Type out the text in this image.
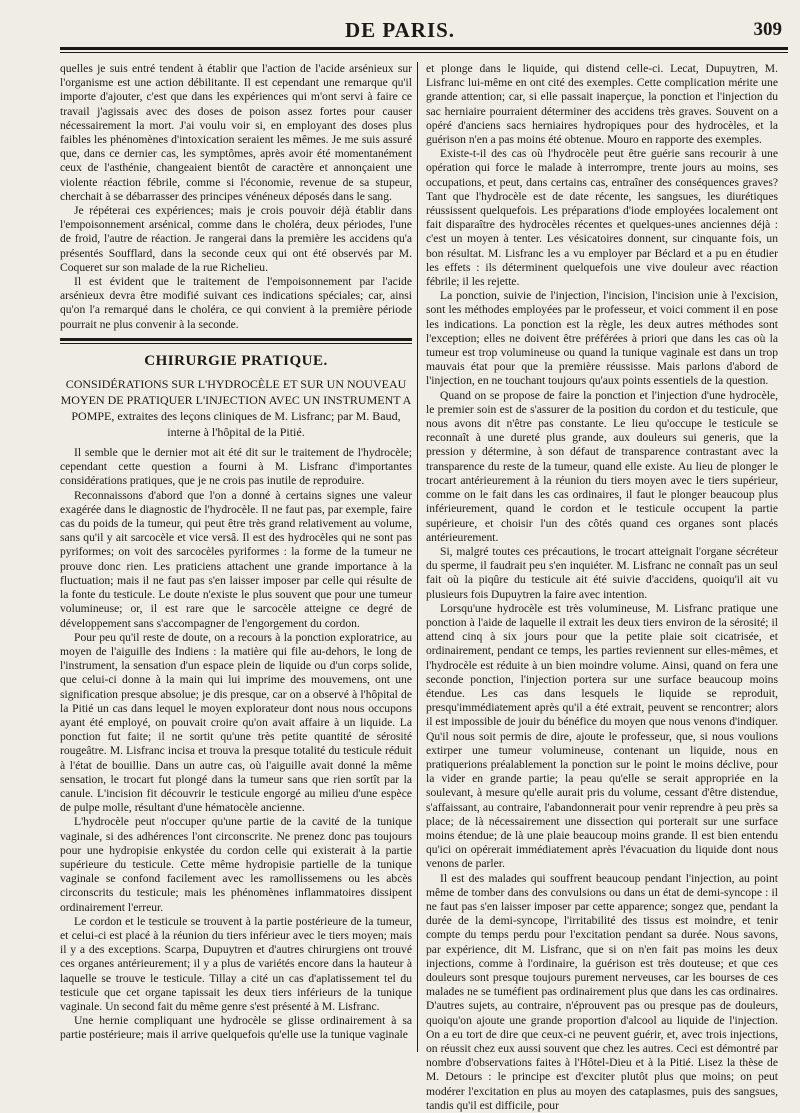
DE PARIS.	309

quelles je suis entré tendent à établir que l'action de l'acide arsénieux sur l'organisme est une action débilitante. Il est cependant une remarque qu'il importe d'ajouter, c'est que dans les expériences qui m'ont servi à faire ce travail j'agissais avec des doses de poison assez fortes pour causer nécessairement la mort. J'ai voulu voir si, en employant des doses plus faibles les phénomènes d'intoxication seraient les mêmes. Je me suis assuré que, dans ce dernier cas, les symptômes, après avoir été momentanément ceux de l'asthénie, changeaient bientôt de caractère et annonçaient une violente réaction fébrile, comme si l'économie, revenue de sa stupeur, cherchait à se débarrasser des principes vénéneux déposés dans le sang.

Je répéterai ces expériences; mais je crois pouvoir déjà établir dans l'empoisonnement arsénical, comme dans le choléra, deux périodes, l'une de froid, l'autre de réaction. Je rangerai dans la première les accidens qu'a présentés Soufflard, dans la seconde ceux qui ont été observés par M. Coqueret sur son malade de la rue Richelieu.

Il est évident que le traitement de l'empoisonnement par l'acide arsénieux devra être modifié suivant ces indications spéciales; car, ainsi qu'on l'a remarqué dans le choléra, ce qui convient à la première période pourrait ne plus convenir à la seconde.

CHIRURGIE PRATIQUE.
CONSIDÉRATIONS SUR L'HYDROCÈLE ET SUR UN NOUVEAU MOYEN DE PRATIQUER L'INJECTION AVEC UN INSTRUMENT A POMPE, extraites des leçons cliniques de M. Lisfranc; par M. Baud, interne à l'hôpital de la Pitié.

Il semble que le dernier mot ait été dit sur le traitement de l'hydrocèle; cependant cette question a fourni à M. Lisfranc d'importantes considérations pratiques, que je ne crois pas inutile de reproduire.

Reconnaissons d'abord que l'on a donné à certains signes une valeur exagérée dans le diagnostic de l'hydrocèle. Il ne faut pas, par exemple, faire cas du poids de la tumeur, qui peut être très grand relativement au volume, sans qu'il y ait sarcocèle et vice versâ. Il est des hydrocèles qui ne sont pas pyriformes; on voit des sarcocèles pyriformes : la forme de la tumeur ne prouve donc rien. Les praticiens attachent une grande importance à la fluctuation; mais il ne faut pas s'en laisser imposer par celle qui résulte de la fonte du testicule. Le doute n'existe le plus souvent que pour une tumeur volumineuse; or, il est rare que le sarcocèle atteigne ce degré de développement sans s'accompagner de l'engorgement du cordon.

Pour peu qu'il reste de doute, on a recours à la ponction exploratrice, au moyen de l'aiguille des Indiens : la matière qui file au-dehors, le long de l'instrument, la sensation d'un espace plein de liquide ou d'un corps solide, que celui-ci donne à la main qui lui imprime des mouvemens, ont une signification presque absolue; je dis presque, car on a observé à l'hôpital de la Pitié un cas dans lequel le moyen explorateur dont nous nous occupons ayant été employé, on pouvait croire qu'on avait affaire à un liquide. La ponction fut faite; il ne sortit qu'une très petite quantité de sérosité rougeâtre. M. Lisfranc incisa et trouva la presque totalité du testicule réduit à l'état de bouillie. Dans un autre cas, où l'aiguille avait donné la même sensation, le trocart fut plongé dans la tumeur sans que rien sortît par la canule. L'incision fit découvrir le testicule engorgé au milieu d'une espèce de pulpe molle, résultant d'une hématocèle ancienne.

L'hydrocèle peut n'occuper qu'une partie de la cavité de la tunique vaginale, si des adhérences l'ont circonscrite. Ne prenez donc pas toujours pour une hydropisie enkystée du cordon celle qui existerait à la partie supérieure du testicule. Cette même hydropisie partielle de la tunique vaginale se confond facilement avec les ramollissemens ou les abcès circonscrits du testicule; mais les phénomènes inflammatoires dissipent ordinairement l'erreur.

Le cordon et le testicule se trouvent à la partie postérieure de la tumeur, et celui-ci est placé à la réunion du tiers inférieur avec le tiers moyen; mais il y a des exceptions. Scarpa, Dupuytren et d'autres chirurgiens ont trouvé ces organes antérieurement; il y a plus de variétés encore dans la hauteur à laquelle se trouve le testicule. Tillay a cité un cas d'aplatissement tel du testicule que cet organe tapissait les deux tiers inférieurs de la tunique vaginale. Un second fait du même genre s'est présenté à M. Lisfranc.

Une hernie compliquant une hydrocèle se glisse ordinairement à sa partie postérieure; mais il arrive quelquefois qu'elle use la tunique vaginale

et plonge dans le liquide, qui distend celle-ci. Lecat, Dupuytren, M. Lisfranc lui-même en ont cité des exemples. Cette complication mérite une grande attention; car, si elle passait inaperçue, la ponction et l'injection du sac herniaire pourraient déterminer des accidens très graves. Souvent on a opéré d'anciens sacs herniaires hydropiques pour des hydrocèles, et la guérison n'en a pas moins été obtenue. Mouro en rapporte des exemples.

Existe-t-il des cas où l'hydrocèle peut être guérie sans recourir à une opération qui force le malade à interrompre, trente jours au moins, ses occupations, et peut, dans certains cas, entraîner des conséquences graves? Tant que l'hydrocèle est de date récente, les sangsues, les diurétiques réussissent quelquefois. Les préparations d'iode employées localement ont fait disparaître des hydrocèles récentes et quelques-unes anciennes déjà : c'est un moyen à tenter. Les vésicatoires donnent, sur cinquante fois, un bon résultat. M. Lisfranc les a vu employer par Béclard et a pu en étudier les effets : ils déterminent quelquefois une vive douleur avec réaction fébrile; il les rejette.

La ponction, suivie de l'injection, l'incision, l'incision unie à l'excision, sont les méthodes employées par le professeur, et voici comment il en pose les indications. La ponction est la règle, les deux autres méthodes sont l'exception; elles ne doivent être préférées à priori que dans les cas où la tumeur est trop volumineuse ou quand la tunique vaginale est dans un trop mauvais état pour que la première réussisse. Mais parlons d'abord de l'injection, en ne touchant toujours qu'aux points essentiels de la question.

Quand on se propose de faire la ponction et l'injection d'une hydrocèle, le premier soin est de s'assurer de la position du cordon et du testicule, que nous avons dit n'être pas constante. Le lieu qu'occupe le testicule se reconnaît à une dureté plus grande, aux douleurs sui generis, que la pression y détermine, à son défaut de transparence contrastant avec la transparence du reste de la tumeur, quand elle existe. Au lieu de plonger le trocart antérieurement à la réunion du tiers moyen avec le tiers supérieur, comme on le fait dans les cas ordinaires, il faut le plonger beaucoup plus inférieurement, quand le cordon et le testicule occupent la partie supérieure, et choisir l'un des côtés quand ces organes sont placés antérieurement.

Si, malgré toutes ces précautions, le trocart atteignait l'organe sécréteur du sperme, il faudrait peu s'en inquiéter. M. Lisfranc ne connaît pas un seul fait où la piqûre du testicule ait été suivie d'accidens, quoiqu'il ait vu plusieurs fois Dupuytren la faire avec intention.

Lorsqu'une hydrocèle est très volumineuse, M. Lisfranc pratique une ponction à l'aide de laquelle il extrait les deux tiers environ de la sérosité; il attend cinq à six jours pour que la petite plaie soit cicatrisée, et ordinairement, pendant ce temps, les parties reviennent sur elles-mêmes, et l'hydrocèle est réduite à un bien moindre volume. Ainsi, quand on fera une seconde ponction, l'injection portera sur une surface beaucoup moins étendue. Les cas dans lesquels le liquide se reproduit, presqu'immédiatement après qu'il a été extrait, peuvent se rencontrer; alors il est impossible de jouir du bénéfice du moyen que nous venons d'indiquer. Qu'il nous soit permis de dire, ajoute le professeur, que, si nous voulions extirper une tumeur volumineuse, contenant un liquide, nous en pratiquerions préalablement la ponction sur le point le moins déclive, pour la vider en grande partie; la peau qu'elle se serait appropriée en la soulevant, à mesure qu'elle aurait pris du volume, cessant d'être distendue, s'affaissant, au contraire, l'abandonnerait pour venir reprendre à peu près sa place; de là nécessairement une dissection qui porterait sur une surface moins étendue; de là une plaie beaucoup moins grande. Il est bien entendu qu'ici on opérerait immédiatement après l'évacuation du liquide dont nous venons de parler.

Il est des malades qui souffrent beaucoup pendant l'injection, au point même de tomber dans des convulsions ou dans un état de demi-syncope : il ne faut pas s'en laisser imposer par cette apparence; songez que, pendant la durée de la demi-syncope, l'irritabilité des tissus est moindre, et tenir compte du temps perdu pour l'excitation pendant sa durée. Nous savons, par expérience, dit M. Lisfranc, que si on n'en fait pas moins les deux injections, comme à l'ordinaire, la guérison est très douteuse; et que ces douleurs sont presque toujours purement nerveuses, car les bourses de ces malades ne se tuméfient pas ordinairement plus que dans les cas ordinaires. D'autres sujets, au contraire, n'éprouvent pas ou presque pas de douleurs, quoiqu'on ajoute une grande proportion d'alcool au liquide de l'injection. On a eu tort de dire que ceux-ci ne peuvent guérir, et, avec trois injections, on réussit chez eux aussi souvent que chez les autres. Ceci est démontré par nombre d'observations faites à l'Hôtel-Dieu et à la Pitié. Lisez la thèse de M. Detours : le principe est d'exciter plutôt plus que moins; on peut modérer l'excitation en plus au moyen des cataplasmes, puis des sangsues, tandis qu'il est difficile, pour
